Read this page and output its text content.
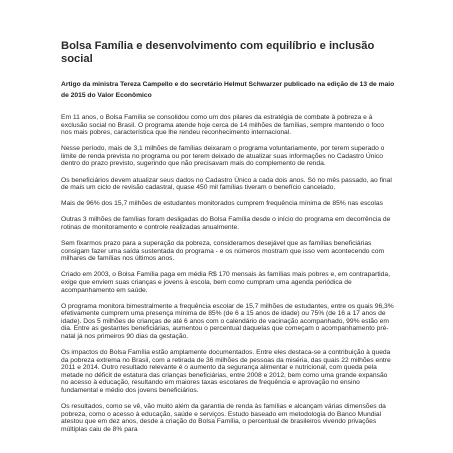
Bolsa Família e desenvolvimento com equilíbrio e inclusão social

Artigo da ministra Tereza Campello e do secretário Helmut Schwarzer publicado na edição de 13 de maio de 2015 do Valor Econômico

Em 11 anos, o Bolsa Família se consolidou como um dos pilares da estratégia de combate à pobreza e à exclusão social no Brasil. O programa atende hoje cerca de 14 milhões de famílias, sempre mantendo o foco nos mais pobres, característica que lhe rendeu reconhecimento internacional.

Nesse período, mais de 3,1 milhões de famílias deixaram o programa voluntariamente, por terem superado o limite de renda prevista no programa ou por terem deixado de atualizar suas informações no Cadastro Único dentro do prazo previsto, sugerindo que não precisavam mais do complemento de renda.

Os beneficiários devem atualizar seus dados no Cadastro Único a cada dois anos. Só no mês passado, ao final de mais um ciclo de revisão cadastral, quase 450 mil famílias tiveram o benefício cancelado.

Mais de 96% dos 15,7 milhões de estudantes monitorados cumprem frequência mínima de 85% nas escolas

Outras 3 milhões de famílias foram desligadas do Bolsa Família desde o início do programa em decorrência de rotinas de monitoramento e controle realizadas anualmente.

Sem fixarmos prazo para a superação da pobreza, consideramos desejável que as famílias beneficiárias consigam fazer uma saída sustentada do programa - e os números mostram que isso vem acontecendo com milhares de famílias nos últimos anos.

Criado em 2003, o Bolsa Família paga em média R$ 170 mensais às famílias mais pobres e, em contrapartida, exige que enviem suas crianças e jovens à escola, bem como cumpram uma agenda periódica de acompanhamento em saúde.

O programa monitora bimestralmente a frequência escolar de 15,7 milhões de estudantes, entre os quais 96,3% efetivamente cumprem uma presença mínima de 85% (de 6 a 15 anos de idade) ou 75% (de 16 a 17 anos de idade). Dos 5 milhões de crianças de até 6 anos com o calendário de vacinação acompanhado, 99% estão em dia. Entre as gestantes beneficiárias, aumentou o percentual daquelas que começam o acompanhamento pré-natal já nos primeiros 90 dias da gestação.

Os impactos do Bolsa Família estão amplamente documentados. Entre eles destaca-se a contribuição à queda da pobreza extrema no Brasil, com a retirada de 36 milhões de pessoas da miséria, das quais 22 milhões entre 2011 e 2014. Outro resultado relevante é o aumento da segurança alimentar e nutricional, com queda pela metade no déficit de estatura das crianças beneficiárias, entre 2008 e 2012, bem como uma grande expansão no acesso à educação, resultando em maiores taxas escolares de frequência e aprovação no ensino fundamental e médio dos jovens beneficiários.

Os resultados, como se vê, vão muito além da garantia de renda às famílias e alcançam várias dimensões da pobreza, como o acesso à educação, saúde e serviços. Estudo baseado em metodologia do Banco Mundial atestou que em dez anos, desde a criação do Bolsa Família, o percentual de brasileiros vivendo privações múltiplas caiu de 8% para
